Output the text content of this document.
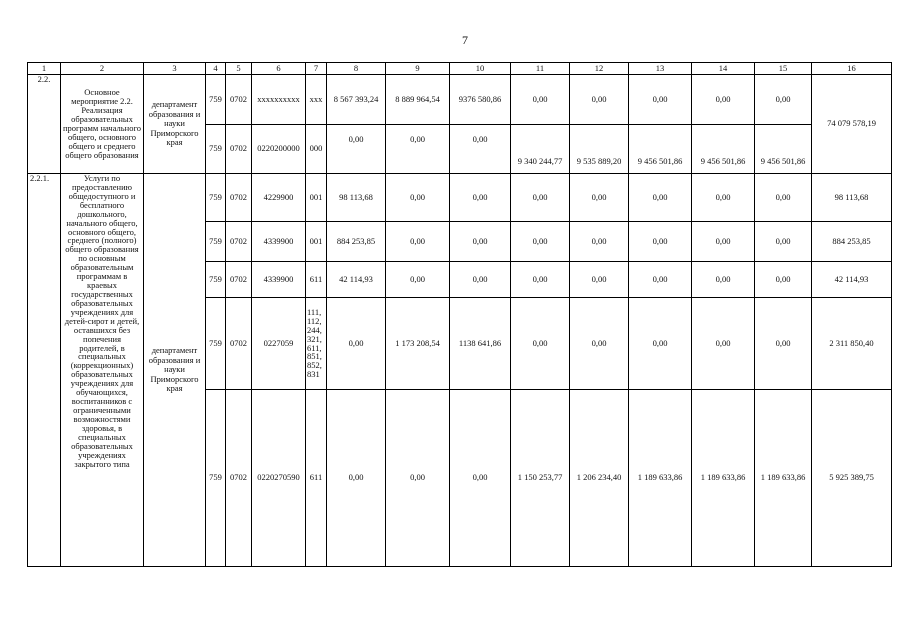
7
1	2	3	4	5	6	7	8	9	10	11	12	13	14	15	16
2.2.	Основное мероприятие 2.2. Реализация образовательных программ начального общего, основного общего и среднего общего образования	департамент образования и науки Приморского края	759	0702	xxxxxxxxxx	xxx	8 567 393,24	8 889 964,54	9376 580,86	0,00	0,00	0,00	0,00	0,00	74 079 578,19
			759	0702	0220200000	000	0,00	0,00	0,00	9 340 244,77	9 535 889,20	9 456 501,86	9 456 501,86	9 456 501,86	
2.2.1.	Услуги по предоставлению общедоступного и бесплатного дошкольного, начального общего, основного общего, среднего (полного) общего образования по основным образовательным программам в краевых государственных образовательных учреждениях для детей-сирот и детей, оставшихся без попечения родителей, в специальных (коррекционных) образовательных учреждениях для обучающихся, воспитанников с ограниченными возможностями здоровья, в специальных образовательных учреждениях закрытого типа	департамент образования и науки Приморского края	759	0702	4229900	001	98 113,68	0,00	0,00	0,00	0,00	0,00	0,00	0,00	98 113,68
			759	0702	4339900	001	884 253,85	0,00	0,00	0,00	0,00	0,00	0,00	0,00	884 253,85
			759	0702	4339900	611	42 114,93	0,00	0,00	0,00	0,00	0,00	0,00	0,00	42 114,93
			759	0702	0227059	111, 112, 244, 321, 611, 851, 852, 831	0,00	1 173 208,54	1138 641,86	0,00	0,00	0,00	0,00	0,00	2 311 850,40
			759	0702	0220270590	611	0,00	0,00	0,00	1 150 253,77	1 206 234,40	1 189 633,86	1 189 633,86	1 189 633,86	5 925 389,75
